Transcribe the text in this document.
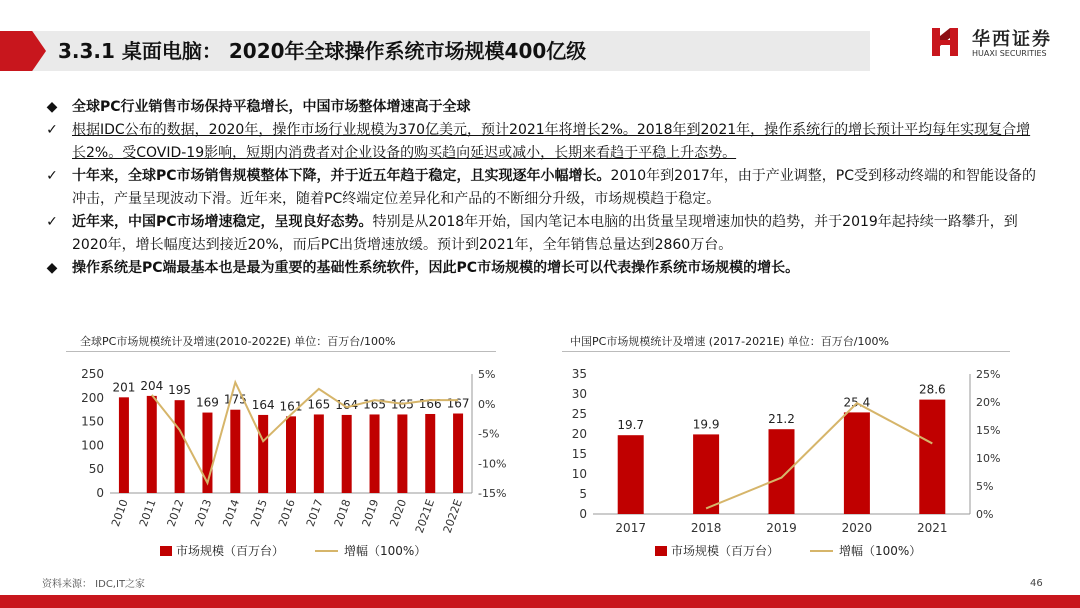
3.3.1 桌面电脑： 2020年全球操作系统市场规模400亿级	华西证券
HUAXI SECURITIES
◆	全球PC行业销售市场保持平稳增长，中国市场整体增速高于全球
✓ 根据IDC公布的数据，2020年，操作市场行业规模为370亿美元，预计2021年将增长2%。2018年到2021年，操作系统行的增长预计平均每年实现复合增长2%。受COVID-19影响，短期内消费者对企业设备的购买趋向延迟或减小，长期来看趋于平稳上升态势。
✓ 十年来，全球PC市场销售规模整体下降，并于近五年趋于稳定，且实现逐年小幅增长。2010年到2017年，由于产业调整，PC受到移动终端的和智能设备的冲击，产量呈现波动下滑。近年来，随着PC终端定位差异化和产品的不断细分升级，市场规模趋于稳定。
✓ 近年来，中国PC市场增速稳定，呈现良好态势。特别是从2018年开始，国内笔记本电脑的出货量呈现增速加快的趋势，并于2019年起持续一路攀升，到2020年，增长幅度达到接近20%，而后PC出货增速放缓。预计到2021年，全年销售总量达到2860万台。
◆	操作系统是PC端最基本也是最为重要的基础性系统软件，因此PC市场规模的增长可以代表操作系统市场规模的增长。
全球PC市场规模统计及增速(2010-2022E) 单位：百万台/100%
0
50
100
150
200
250
-15%
-10%
-5%
0%
5%
201
2010
204
2011
195
2012
169
2013
175
2014
164
2015
161
2016
165
2017
164
2018
165
2019
165
2020
166
2021E
167
2022E
市场规模（百万台）	增幅（100%）
中国PC市场规模统计及增速 (2017-2021E) 单位：百万台/100%
0
5
10
15
20
25
30
35
0%
5%
10%
15%
20%
25%
19.7
2017
19.9
2018
21.2
2019
25.4
2020
28.6
2021
市场规模（百万台）	增幅（100%）
资料来源： IDC,IT之家	46
